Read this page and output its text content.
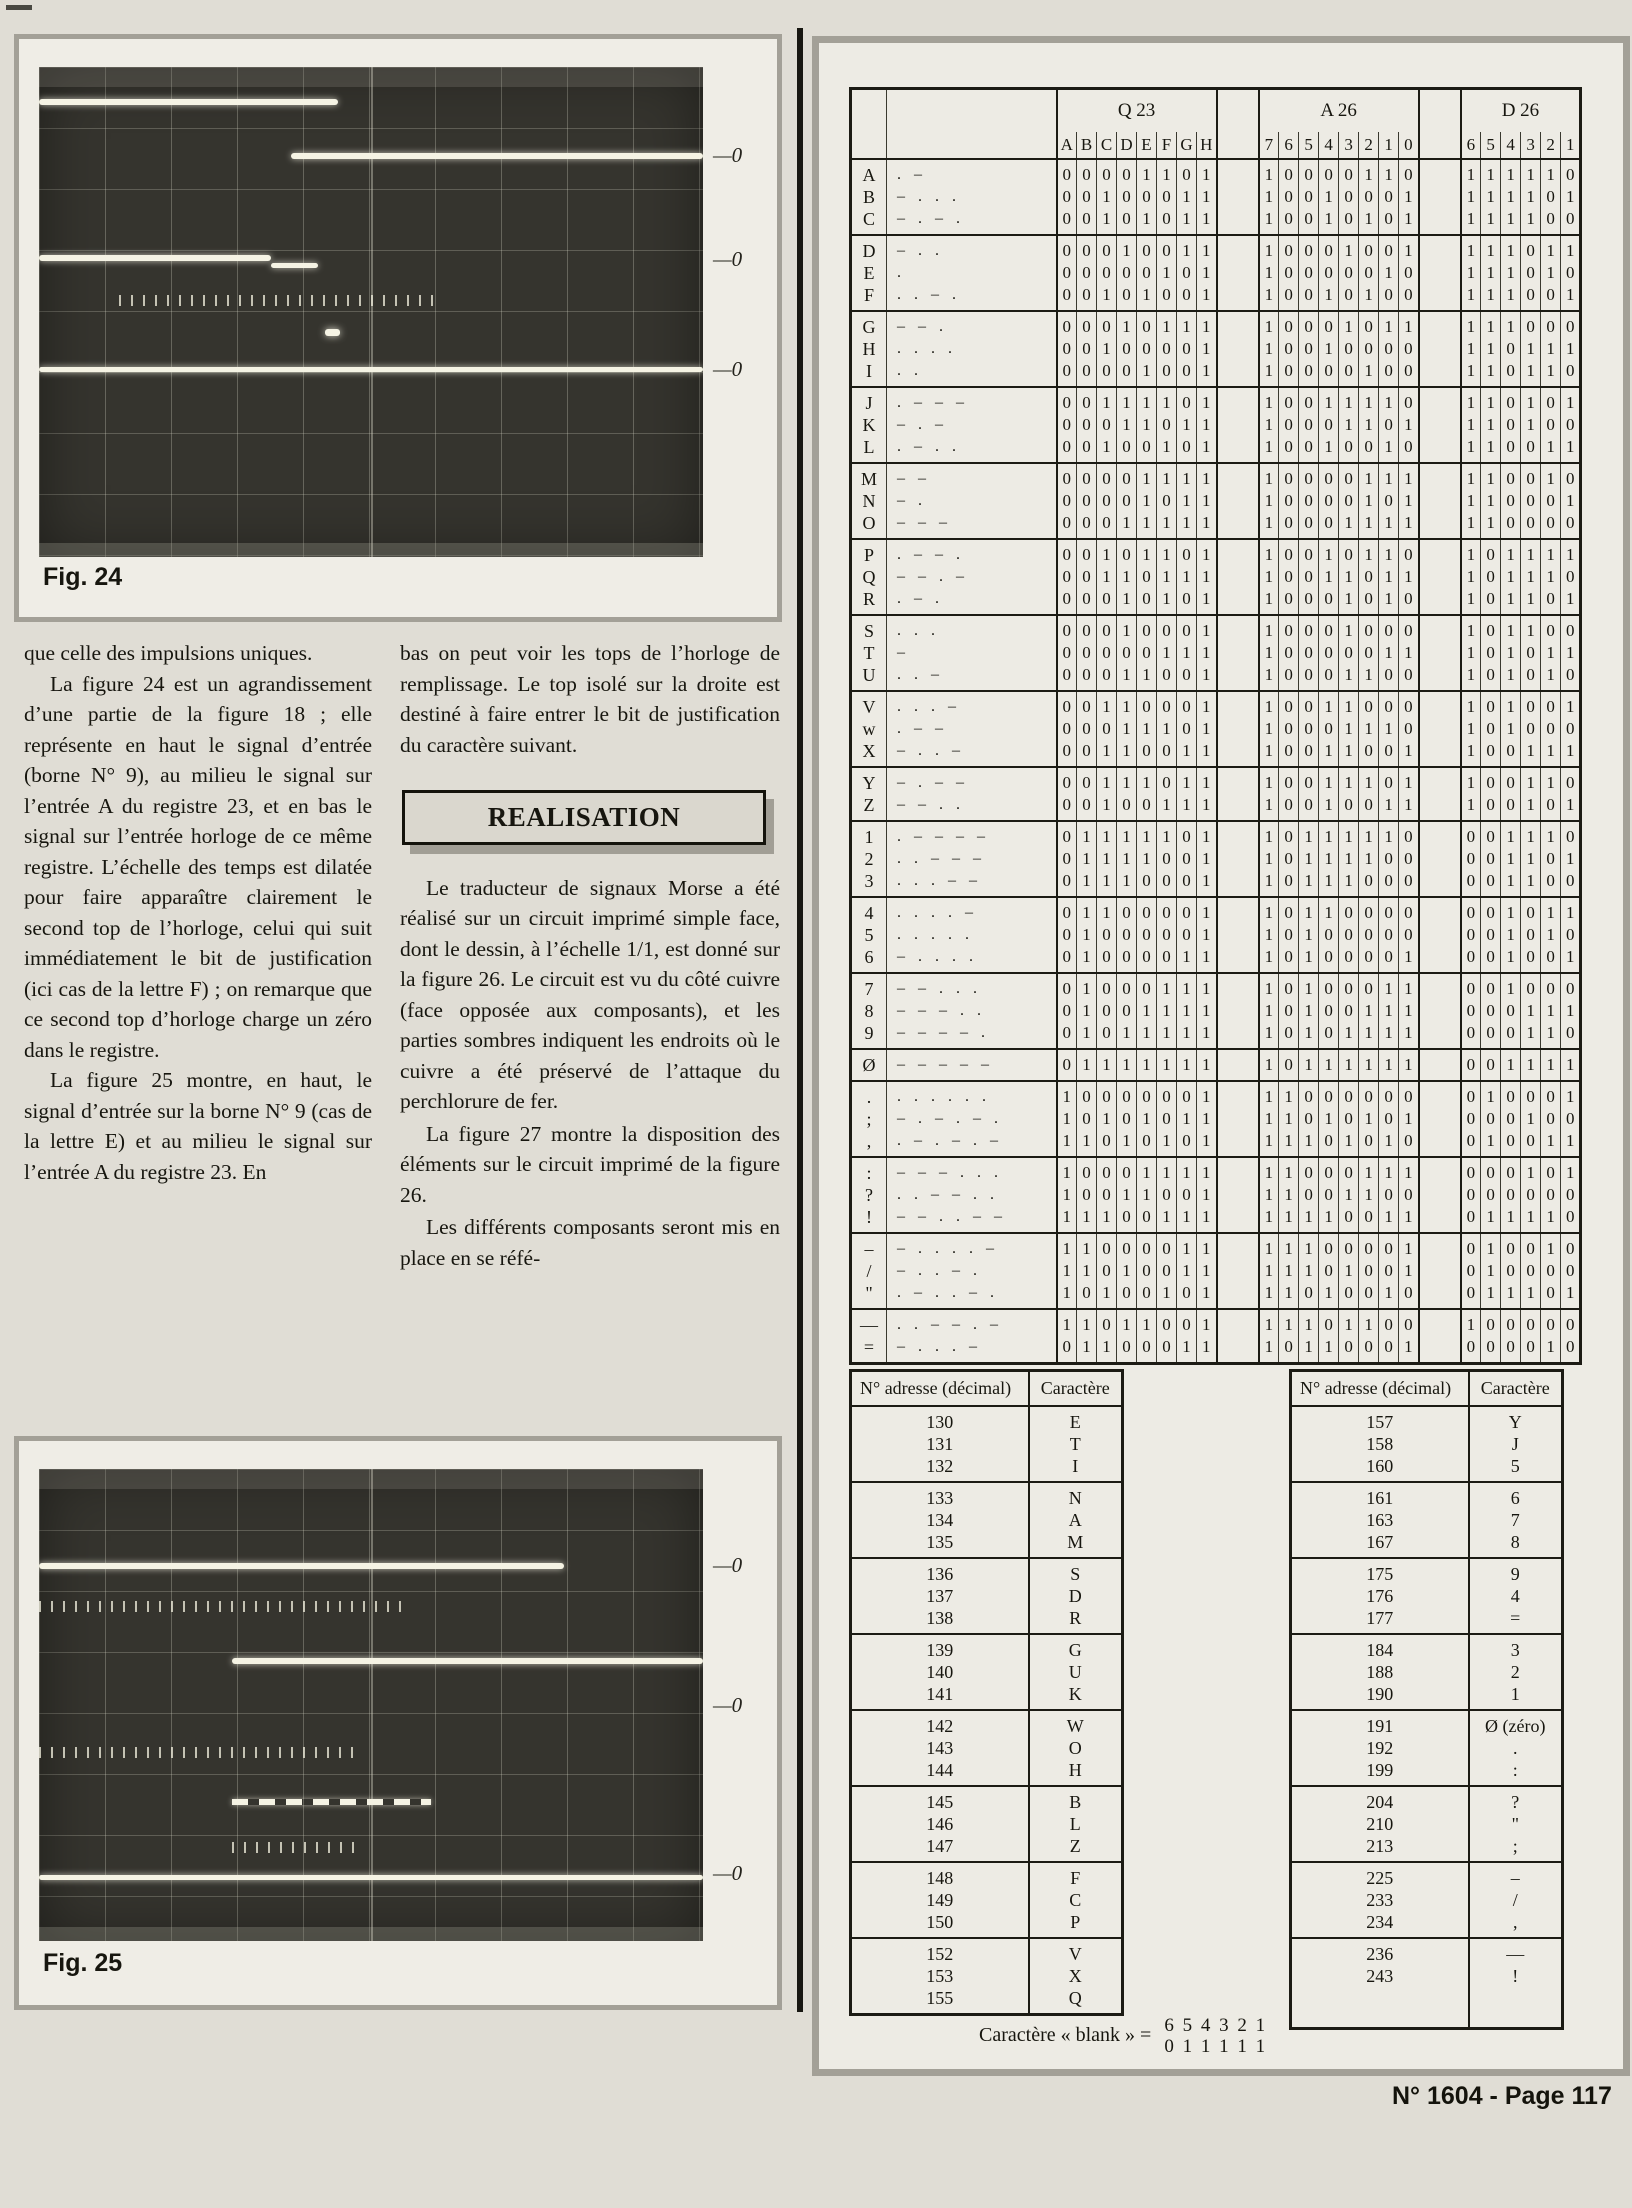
—0
—0
—0
Fig. 24

que celle des impulsions uniques.

La figure 24 est un agrandissement d’une partie de la figure 18 ; elle représente en haut le signal d’entrée (borne N° 9), au milieu le signal sur l’entrée A du registre 23, et en bas le signal sur l’entrée horloge de ce même registre. L’échelle des temps est dilatée pour faire apparaître clairement le second top de l’horloge, celui qui suit immédiatement le bit de justification (ici cas de la lettre F) ; on remarque que ce second top d’horloge charge un zéro dans le registre.

La figure 25 montre, en haut, le signal d’entrée sur la borne N° 9 (cas de la lettre E) et au milieu le signal sur l’entrée A du registre 23. En

bas on peut voir les tops de l’horloge de remplissage. Le top isolé sur la droite est destiné à faire entrer le bit de justification du caractère suivant.

REALISATION

Le traducteur de signaux Morse a été réalisé sur un circuit imprimé simple face, dont le dessin, à l’échelle 1/1, est donné sur la figure 26. Le circuit est vu du côté cuivre (face opposée aux composants), et les parties sombres indiquent les endroits où le cuivre a été préservé de l’attaque du perchlorure de fer.

La figure 27 montre la disposition des éléments sur le circuit imprimé de la figure 26.

Les différents composants seront mis en place en se réfé-

—0
—0
—0
Fig. 25
		Q 23									A 26									D 26					
		A	B	C	D	E	F	G	H		7	6	5	4	3	2	1	0		6	5	4	3	2	1
A	. –	0	0	0	0	1	1	0	1		1	0	0	0	0	1	1	0		1	1	1	1	1	0
B	– . . .	0	0	1	0	0	0	1	1		1	0	0	1	0	0	0	1		1	1	1	1	0	1
C	– . – .	0	0	1	0	1	0	1	1		1	0	0	1	0	1	0	1		1	1	1	1	0	0
D	– . .	0	0	0	1	0	0	1	1		1	0	0	0	1	0	0	1		1	1	1	0	1	1
E	.	0	0	0	0	0	1	0	1		1	0	0	0	0	0	1	0		1	1	1	0	1	0
F	. . – .	0	0	1	0	1	0	0	1		1	0	0	1	0	1	0	0		1	1	1	0	0	1
G	– – .	0	0	0	1	0	1	1	1		1	0	0	0	1	0	1	1		1	1	1	0	0	0
H	. . . .	0	0	1	0	0	0	0	1		1	0	0	1	0	0	0	0		1	1	0	1	1	1
I	. .	0	0	0	0	1	0	0	1		1	0	0	0	0	1	0	0		1	1	0	1	1	0
J	. – – –	0	0	1	1	1	1	0	1		1	0	0	1	1	1	1	0		1	1	0	1	0	1
K	– . –	0	0	0	1	1	0	1	1		1	0	0	0	1	1	0	1		1	1	0	1	0	0
L	. – . .	0	0	1	0	0	1	0	1		1	0	0	1	0	0	1	0		1	1	0	0	1	1
M	– –	0	0	0	0	1	1	1	1		1	0	0	0	0	1	1	1		1	1	0	0	1	0
N	– .	0	0	0	0	1	0	1	1		1	0	0	0	0	1	0	1		1	1	0	0	0	1
O	– – –	0	0	0	1	1	1	1	1		1	0	0	0	1	1	1	1		1	1	0	0	0	0
P	. – – .	0	0	1	0	1	1	0	1		1	0	0	1	0	1	1	0		1	0	1	1	1	1
Q	– – . –	0	0	1	1	0	1	1	1		1	0	0	1	1	0	1	1		1	0	1	1	1	0
R	. – .	0	0	0	1	0	1	0	1		1	0	0	0	1	0	1	0		1	0	1	1	0	1
S	. . .	0	0	0	1	0	0	0	1		1	0	0	0	1	0	0	0		1	0	1	1	0	0
T	–	0	0	0	0	0	1	1	1		1	0	0	0	0	0	1	1		1	0	1	0	1	1
U	. . –	0	0	0	1	1	0	0	1		1	0	0	0	1	1	0	0		1	0	1	0	1	0
V	. . . –	0	0	1	1	0	0	0	1		1	0	0	1	1	0	0	0		1	0	1	0	0	1
w	. – –	0	0	0	1	1	1	0	1		1	0	0	0	1	1	1	0		1	0	1	0	0	0
X	– . . –	0	0	1	1	0	0	1	1		1	0	0	1	1	0	0	1		1	0	0	1	1	1
Y	– . – –	0	0	1	1	1	0	1	1		1	0	0	1	1	1	0	1		1	0	0	1	1	0
Z	– – . .	0	0	1	0	0	1	1	1		1	0	0	1	0	0	1	1		1	0	0	1	0	1
1	. – – – –	0	1	1	1	1	1	0	1		1	0	1	1	1	1	1	0		0	0	1	1	1	0
2	. . – – –	0	1	1	1	1	0	0	1		1	0	1	1	1	1	0	0		0	0	1	1	0	1
3	. . . – –	0	1	1	1	0	0	0	1		1	0	1	1	1	0	0	0		0	0	1	1	0	0
4	. . . . –	0	1	1	0	0	0	0	1		1	0	1	1	0	0	0	0		0	0	1	0	1	1
5	. . . . .	0	1	0	0	0	0	0	1		1	0	1	0	0	0	0	0		0	0	1	0	1	0
6	– . . . .	0	1	0	0	0	0	1	1		1	0	1	0	0	0	0	1		0	0	1	0	0	1
7	– – . . .	0	1	0	0	0	1	1	1		1	0	1	0	0	0	1	1		0	0	1	0	0	0
8	– – – . .	0	1	0	0	1	1	1	1		1	0	1	0	0	1	1	1		0	0	0	1	1	1
9	– – – – .	0	1	0	1	1	1	1	1		1	0	1	0	1	1	1	1		0	0	0	1	1	0
Ø	– – – – –	0	1	1	1	1	1	1	1		1	0	1	1	1	1	1	1		0	0	1	1	1	1
.	. . . . . .	1	0	0	0	0	0	0	1		1	1	0	0	0	0	0	0		0	1	0	0	0	1
;	– . – . – .	1	0	1	0	1	0	1	1		1	1	0	1	0	1	0	1		0	0	0	1	0	0
,	. – . – . –	1	1	0	1	0	1	0	1		1	1	1	0	1	0	1	0		0	1	0	0	1	1
:	– – – . . .	1	0	0	0	1	1	1	1		1	1	0	0	0	1	1	1		0	0	0	1	0	1
?	. . – – . .	1	0	0	1	1	0	0	1		1	1	0	0	1	1	0	0		0	0	0	0	0	0
!	– – . . – –	1	1	1	0	0	1	1	1		1	1	1	1	0	0	1	1		0	1	1	1	1	0
–	– . . . . –	1	1	0	0	0	0	1	1		1	1	1	0	0	0	0	1		0	1	0	0	1	0
/	– . . – .	1	1	0	1	0	0	1	1		1	1	1	0	1	0	0	1		0	1	0	0	0	0
"	. – . . – .	1	0	1	0	0	1	0	1		1	1	0	1	0	0	1	0		0	1	1	1	0	1
—	. . – – . –	1	1	0	1	1	0	0	1		1	1	1	0	1	1	0	0		1	0	0	0	0	0
=	– . . . –	0	1	1	0	0	0	1	1		1	0	1	1	0	0	0	1		0	0	0	0	1	0
N° adresse (décimal)	Caractère
130	E
131	T
132	I
133	N
134	A
135	M
136	S
137	D
138	R
139	G
140	U
141	K
142	W
143	O
144	H
145	B
146	L
147	Z
148	F
149	C
150	P
152	V
153	X
155	Q
N° adresse (décimal)	Caractère
157	Y
158	J
160	5
161	6
163	7
167	8
175	9
176	4
177	=
184	3
188	2
190	1
191	Ø (zéro)
192	.
199	:
204	?
210	"
213	;
225	–
233	/
234	,
236	—
243	!
Caractère « blank » = 6 5 4 3 2 1
0 1 1 1 1 1
N° 1604 - Page 117
